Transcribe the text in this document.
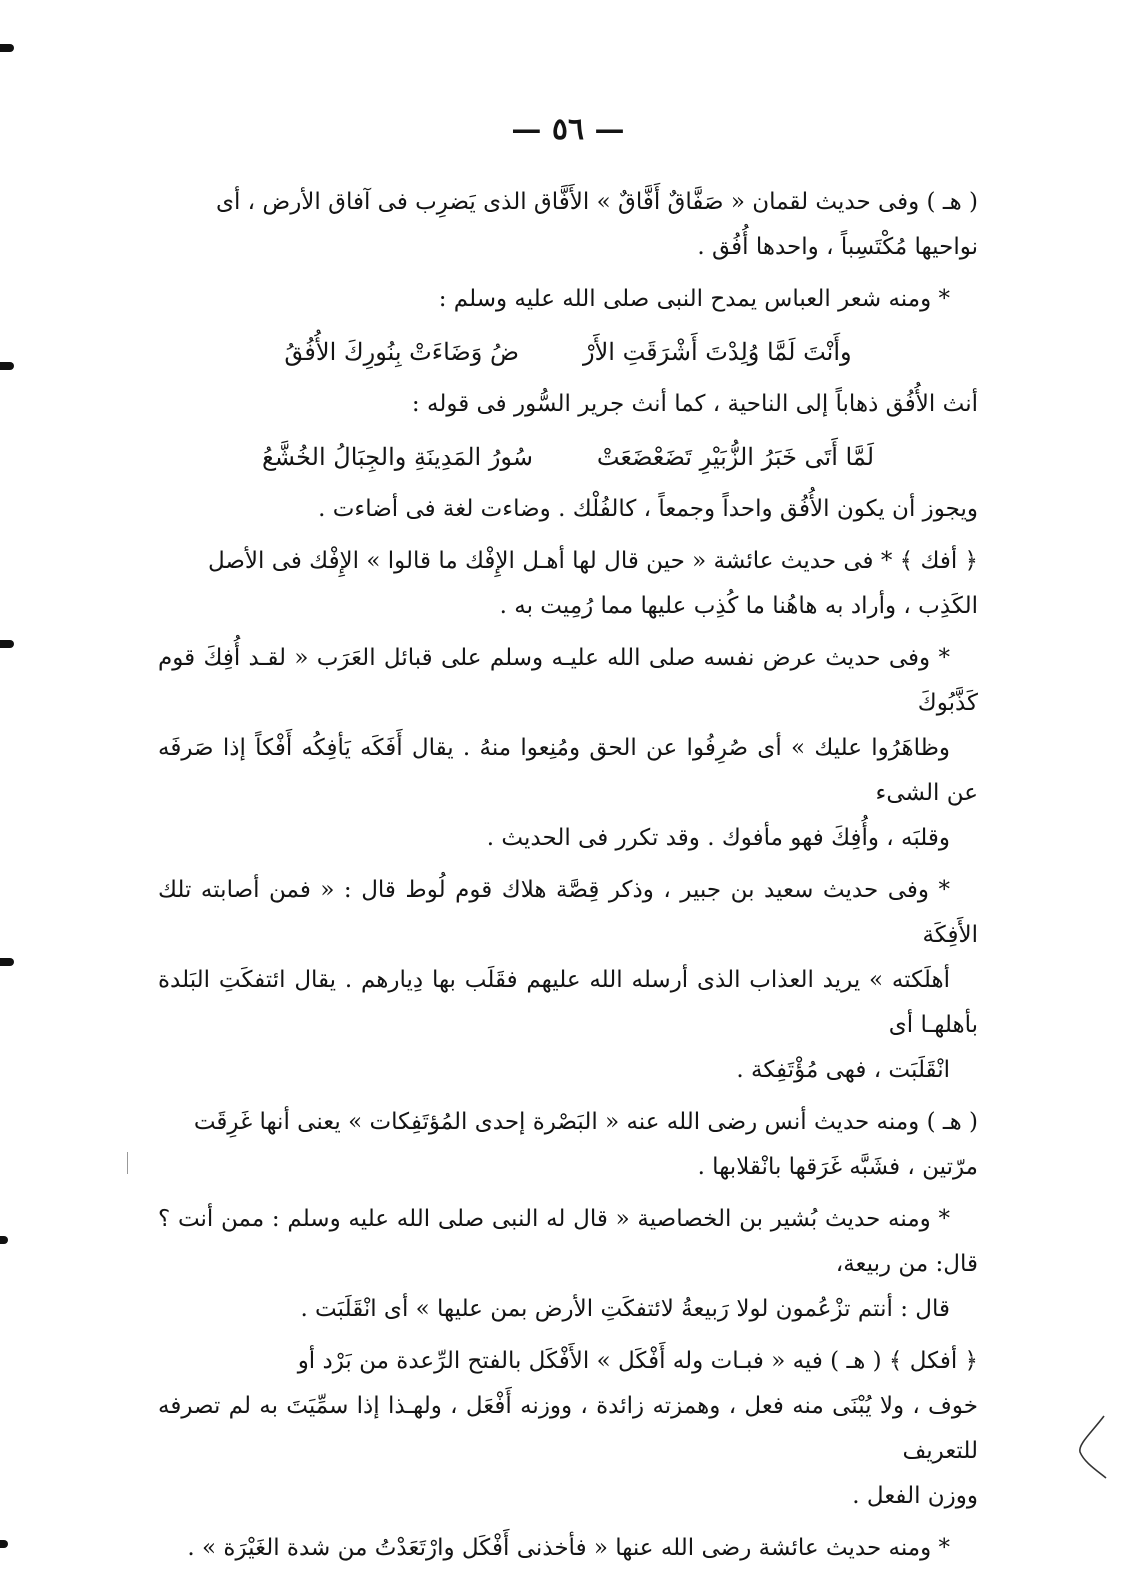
— ٥٦ —
( هـ ) وفى حديث لقمان « صَفَّاقٌ أَفَّاقٌ » الأَفَّاق الذى يَضرِب فى آفاق الأرض ، أى
نواحيها مُكْتَسِباً ، واحدها أُفُق .
* ومنه شعر العباس يمدح النبى صلى الله عليه وسلم :
وأَنْتَ لَمَّا وُلِدْتَ أَشْرَقَتِ الأَرْ
ضُ وَضَاءَتْ بِنُورِكَ الأُفُقُ
أنث الأُفُق ذهاباً إلى الناحية ، كما أنث جرير السُّور فى قوله :
لَمَّا أَتَى خَبَرُ الزُّبَيْرِ تَضَعْضَعَتْ
سُورُ المَدِينَةِ والجِبَالُ الخُشَّعُ
ويجوز أن يكون الأُفُق واحداً وجمعاً ، كالفُلْك . وضاءت لغة فى أضاءت .
﴿ أفك ﴾ * فى حديث عائشة « حين قال لها أهـل الإِفْك ما قالوا » الإِفْك فى الأصل
الكَذِب ، وأراد به هاهُنا ما كُذِب عليها مما رُمِيت به .
* وفى حديث عرض نفسه صلى الله عليـه وسلم على قبائل العَرَب « لقـد أُفِكَ قوم كَذَّبُوكَ
وظاهَرُوا عليك » أى صُرِفُوا عن الحق ومُنِعوا منهُ . يقال أَفَكَه يَأفِكُه أَفْكاً إذا صَرفَه عن الشىء
وقلبَه ، وأُفِكَ فهو مأفوك . وقد تكرر فى الحديث .
* وفى حديث سعيد بن جبير ، وذكر قِصَّة هلاك قوم لُوط قال : « فمن أصابته تلك الأَفِكَة
أهلَكته » يريد العذاب الذى أرسله الله عليهم فقَلَب بها دِيارهم . يقال ائتفكَتِ البَلدة بأهلهـا أى
انْقَلَبَت ، فهى مُؤْتَفِكة .
( هـ ) ومنه حديث أنس رضى الله عنه « البَصْرة إحدى المُؤتَفِكات » يعنى أنها غَرِقَت
مرّتين ، فشَبَّه غَرَقها بانْقلابها .
* ومنه حديث بُشير بن الخصاصية « قال له النبى صلى الله عليه وسلم : ممن أنت ؟ قال: من ربيعة،
قال : أنتم تزْعُمون لولا رَبيعةُ لائتفكَتِ الأرض بمن عليها » أى انْقَلَبَت .
﴿ أفكل ﴾ ( هـ ) فيه « فبـات وله أَفْكَل » الأَفْكَل بالفتح الرِّعدة من بَرْد أو
خوف ، ولا يُبْنَى منه فعل ، وهمزته زائدة ، ووزنه أَفْعَل ، ولهـذا إذا سمِّيَتَ به لم تصرفه للتعريف
ووزن الفعل .
* ومنه حديث عائشة رضى الله عنها « فأخذنى أَفْكَل وارْتَعَدْتُ من شدة الغَيْرَة » .
